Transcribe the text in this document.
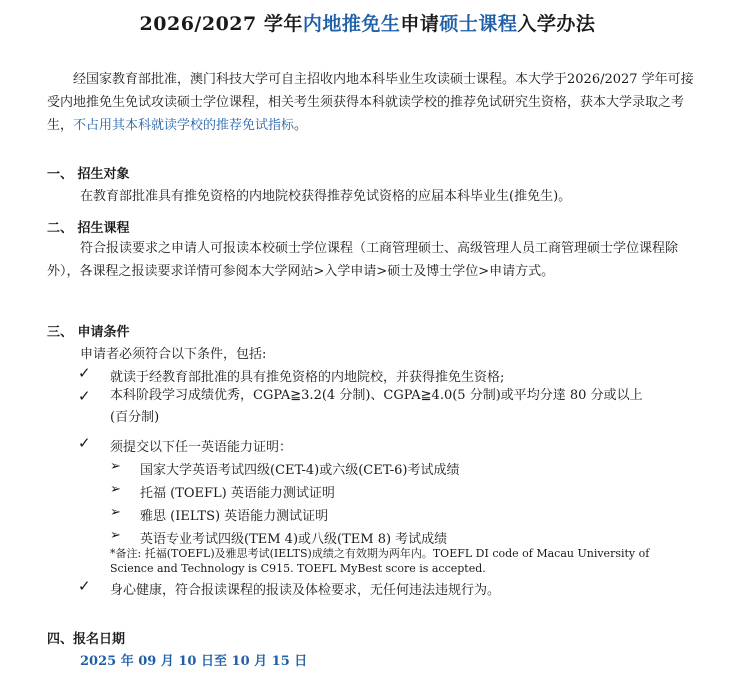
2026/2027 学年内地推免生申请硕士课程入学办法
经国家教育部批准，澳门科技大学可自主招收内地本科毕业生攻读硕士课程。本大学于2026/2027 学年可接受内地推免生免试攻读硕士学位课程，相关考生须获得本科就读学校的推荐免试研究生资格，获本大学录取之考生，不占用其本科就读学校的推荐免试指标。
一、 招生对象
在教育部批准具有推免资格的内地院校获得推荐免试资格的应届本科毕业生(推免生)。
二、 招生课程
符合报读要求之申请人可报读本校硕士学位课程（工商管理硕士、高级管理人员工商管理硕士学位课程除外），各课程之报读要求详情可参阅本大学网站>入学申请>硕士及博士学位>申请方式。
三、 申请条件
申请者必须符合以下条件，包括:
✓ 就读于经教育部批准的具有推免资格的内地院校，并获得推免生资格;
✓ 本科阶段学习成绩优秀，CGPA≧3.2(4 分制)、CGPA≧4.0(5 分制)或平均分達 80 分或以上(百分制)
✓ 须提交以下任一英语能力证明：
➢ 国家大学英语考试四级(CET-4)或六级(CET-6)考试成绩
➢ 托福 (TOEFL) 英语能力测试证明
➢ 雅思 (IELTS) 英语能力测试证明
➢ 英语专业考试四级(TEM 4)或八级(TEM 8) 考试成绩
*备注: 托福(TOEFL)及雅思考试(IELTS)成绩之有效期为两年内。TOEFL DI code of Macau University of Science and Technology is C915. TOEFL MyBest score is accepted.
✓ 身心健康，符合报读课程的报读及体检要求，无任何违法违规行为。
四、报名日期
2025 年 09 月 10 日至 10 月 15 日
